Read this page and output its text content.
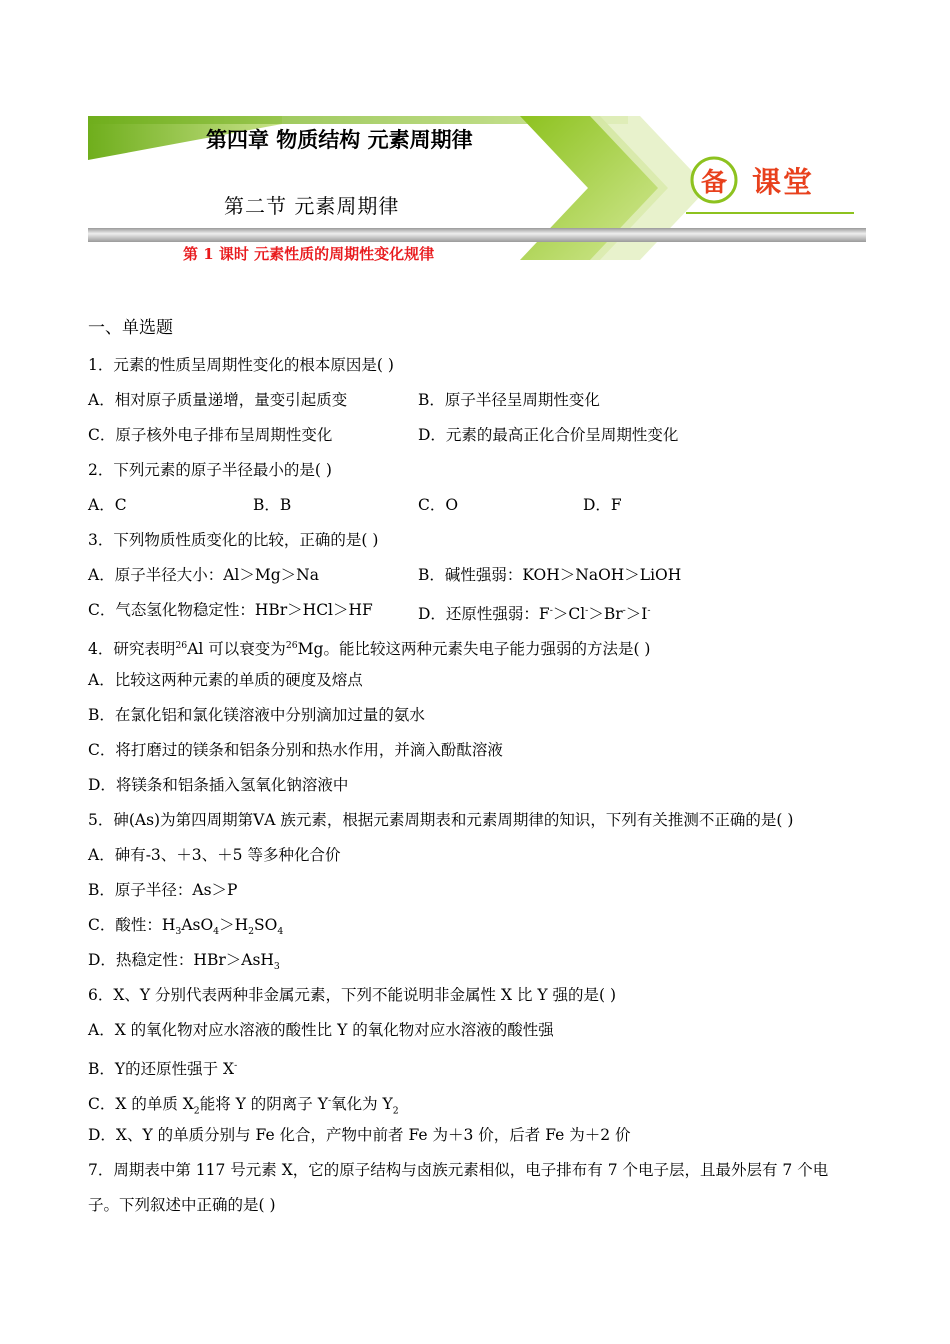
第四章 物质结构 元素周期律
第二节 元素周期律
第 1 课时 元素性质的周期性变化规律
备 课堂
一、单选题
1．元素的性质呈周期性变化的根本原因是( )
A．相对原子质量递增，量变引起质变	B．原子半径呈周期性变化
C．原子核外电子排布呈周期性变化	D．元素的最高正化合价呈周期性变化
2．下列元素的原子半径最小的是( )
A．C	B．B	C．O	D．F
3．下列物质性质变化的比较，正确的是( )
A．原子半径大小：Al＞Mg＞Na	B．碱性强弱：KOH＞NaOH＞LiOH
C．气态氢化物稳定性：HBr＞HCl＞HF	D．还原性强弱：F-＞Cl-＞Br-＞I-
4．研究表明$^{26}$Al 可以衰变为$^{26}$Mg。能比较这两种元素失电子能力强弱的方法是( )
A．比较这两种元素的单质的硬度及熔点
B．在氯化铝和氯化镁溶液中分别滴加过量的氨水
C．将打磨过的镁条和铝条分别和热水作用，并滴入酚酞溶液
D．将镁条和铝条插入氢氧化钠溶液中
5．砷(As)为第四周期第ⅤA 族元素，根据元素周期表和元素周期律的知识，下列有关推测不正确的是( )
A．砷有-3、＋3、＋5 等多种化合价
B．原子半径：As＞P
C．酸性：$H_3AsO_4>H_2SO_4$
D．热稳定性：HBr＞AsH$_3$
6．X、Y 分别代表两种非金属元素，下列不能说明非金属性 X 比 Y 强的是( )
A．X 的氧化物对应水溶液的酸性比 Y 的氧化物对应水溶液的酸性强
B．Y的还原性强于 X-
C．X 的单质 $X_2$能将 Y 的阴离子 Y-氧化为 $Y_2$
D．X、Y 的单质分别与 Fe 化合，产物中前者 Fe 为＋3 价，后者 Fe 为＋2 价
7．周期表中第 117 号元素 X，它的原子结构与卤族元素相似，电子排布有 7 个电子层，且最外层有 7 个电
子。下列叙述中正确的是( )
